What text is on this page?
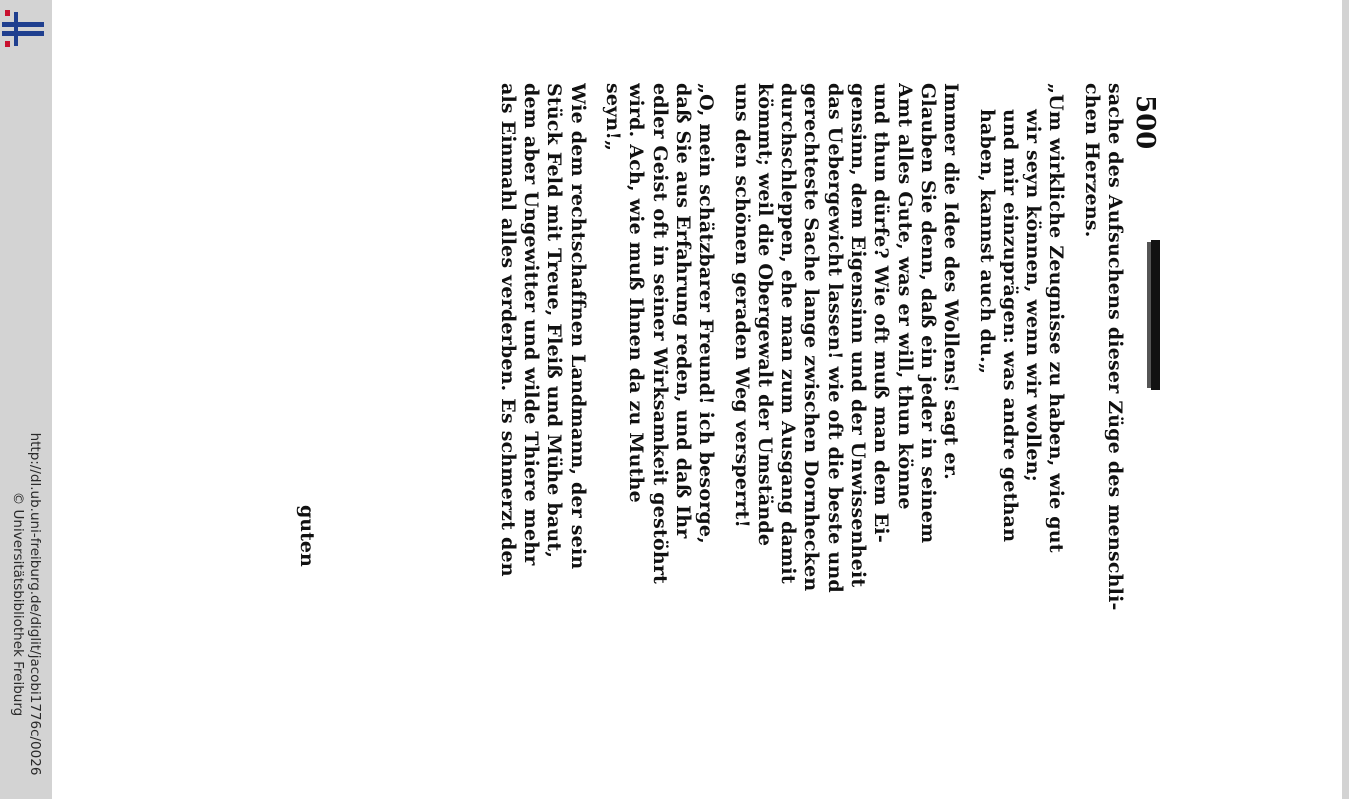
http://dl.ub.uni-freiburg.de/diglit/jacobi1776c/0026
© Universitätsbibliothek Freiburg
500

sache des Aufsuchens dieser Züge des menschli-
chen Herzens.

„Um wirkliche Zeugnisse zu haben, wie gut
wir seyn können, wenn wir wollen;
und mir einzuprägen: was andre gethan
haben, kannst auch du.„

Immer die Idee des Wollens! sagt er.
Glauben Sie denn, daß ein jeder in seinem
Amt alles Gute, was er will, thun könne
und thun dürfe? Wie oft muß man dem Ei-
gensinn, dem Eigensinn und der Unwissenheit
das Uebergewicht lassen! wie oft die beste und
gerechteste Sache lange zwischen Dornhecken
durchschleppen, ehe man zum Ausgang damit
kömmt; weil die Obergewalt der Umstände
uns den schönen geraden Weg versperrt!

„O, mein schätzbarer Freund! ich besorge,
daß Sie aus Erfahrung reden, und daß Ihr
edler Geist oft in seiner Wirksamkeit gestöhrt
wird. Ach, wie muß Ihnen da zu Muthe
seyn!„

Wie dem rechtschaffnen Landmann, der sein
Stück Feld mit Treue, Fleiß und Mühe baut,
dem aber Ungewitter und wilde Thiere mehr
als Einmahl alles verderben. Es schmerzt den

guten
